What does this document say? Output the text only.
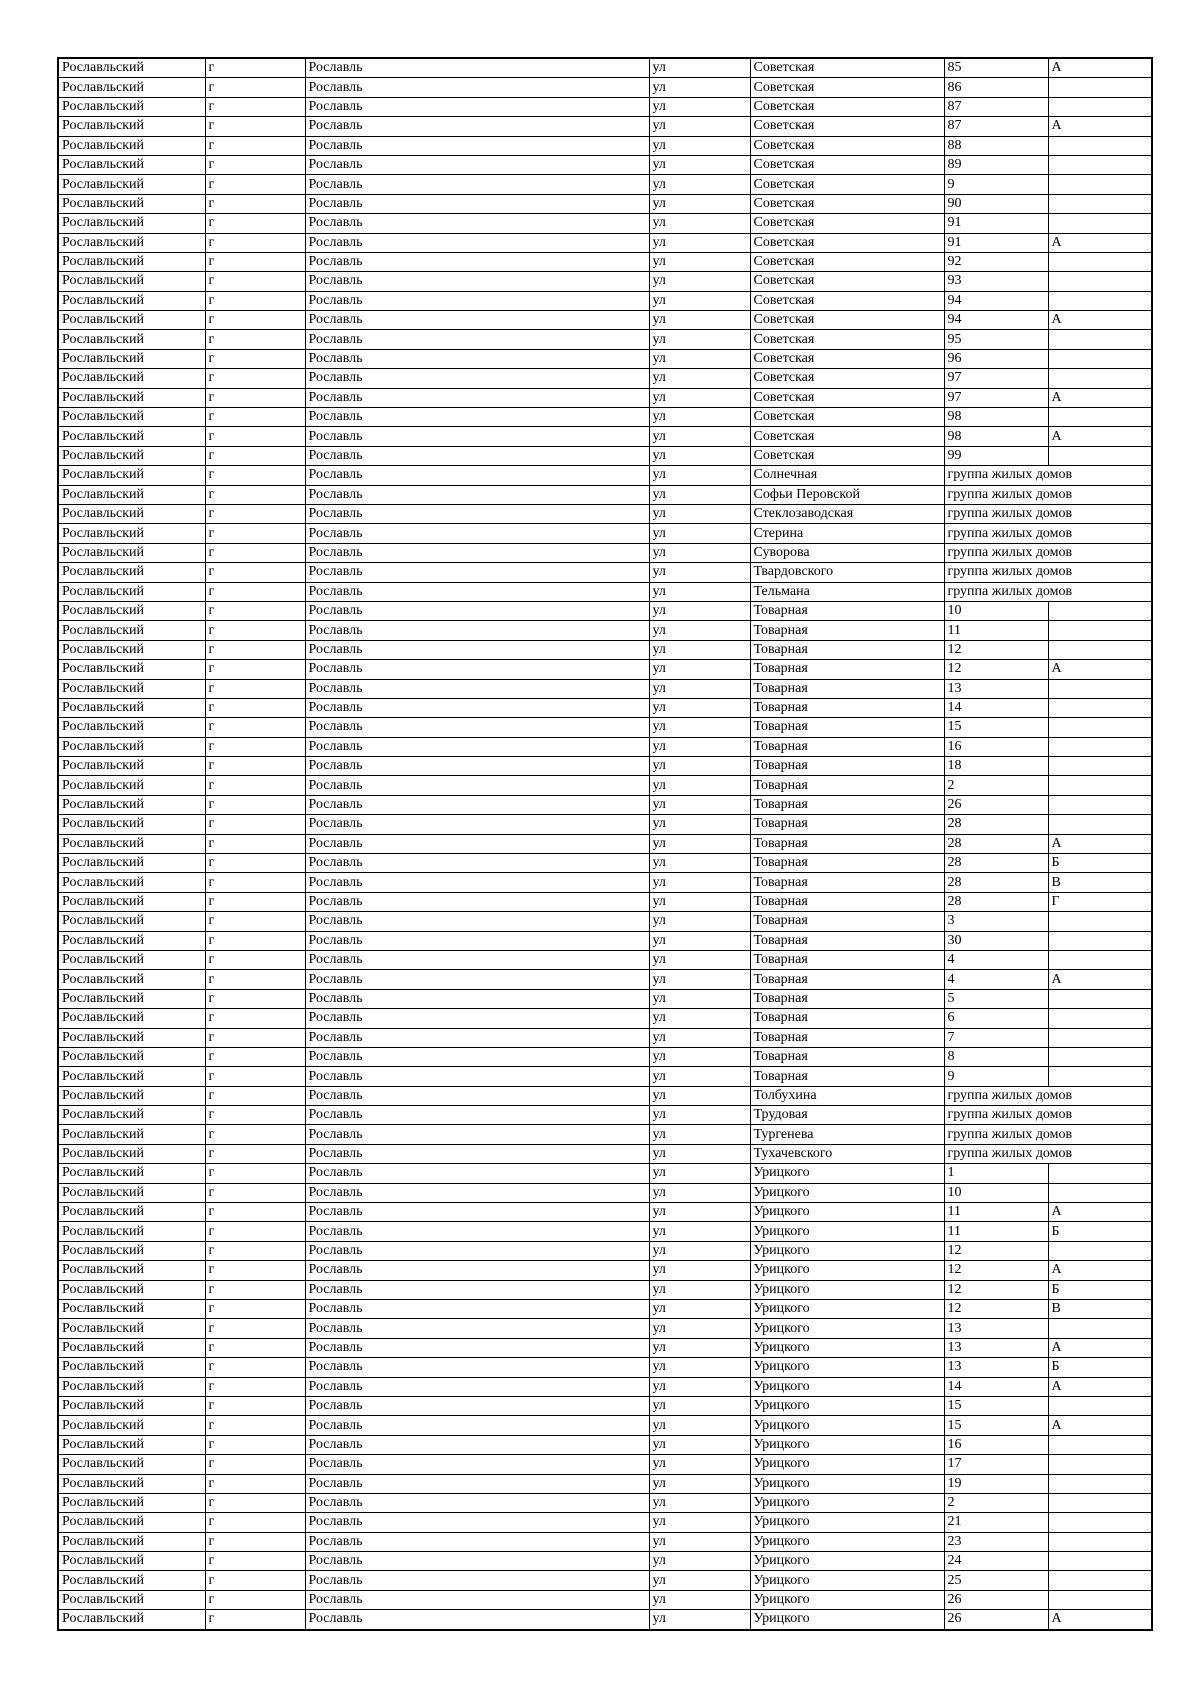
Рославльский	г	Рославль	ул	Советская	85	А
Рославльский	г	Рославль	ул	Советская	86	
Рославльский	г	Рославль	ул	Советская	87	
Рославльский	г	Рославль	ул	Советская	87	А
Рославльский	г	Рославль	ул	Советская	88	
Рославльский	г	Рославль	ул	Советская	89	
Рославльский	г	Рославль	ул	Советская	9	
Рославльский	г	Рославль	ул	Советская	90	
Рославльский	г	Рославль	ул	Советская	91	
Рославльский	г	Рославль	ул	Советская	91	А
Рославльский	г	Рославль	ул	Советская	92	
Рославльский	г	Рославль	ул	Советская	93	
Рославльский	г	Рославль	ул	Советская	94	
Рославльский	г	Рославль	ул	Советская	94	А
Рославльский	г	Рославль	ул	Советская	95	
Рославльский	г	Рославль	ул	Советская	96	
Рославльский	г	Рославль	ул	Советская	97	
Рославльский	г	Рославль	ул	Советская	97	А
Рославльский	г	Рославль	ул	Советская	98	
Рославльский	г	Рославль	ул	Советская	98	А
Рославльский	г	Рославль	ул	Советская	99	
Рославльский	г	Рославль	ул	Солнечная	группа жилых домов	
Рославльский	г	Рославль	ул	Софьи Перовской	группа жилых домов	
Рославльский	г	Рославль	ул	Стеклозаводская	группа жилых домов	
Рославльский	г	Рославль	ул	Стерина	группа жилых домов	
Рославльский	г	Рославль	ул	Суворова	группа жилых домов	
Рославльский	г	Рославль	ул	Твардовского	группа жилых домов	
Рославльский	г	Рославль	ул	Тельмана	группа жилых домов	
Рославльский	г	Рославль	ул	Товарная	10	
Рославльский	г	Рославль	ул	Товарная	11	
Рославльский	г	Рославль	ул	Товарная	12	
Рославльский	г	Рославль	ул	Товарная	12	А
Рославльский	г	Рославль	ул	Товарная	13	
Рославльский	г	Рославль	ул	Товарная	14	
Рославльский	г	Рославль	ул	Товарная	15	
Рославльский	г	Рославль	ул	Товарная	16	
Рославльский	г	Рославль	ул	Товарная	18	
Рославльский	г	Рославль	ул	Товарная	2	
Рославльский	г	Рославль	ул	Товарная	26	
Рославльский	г	Рославль	ул	Товарная	28	
Рославльский	г	Рославль	ул	Товарная	28	А
Рославльский	г	Рославль	ул	Товарная	28	Б
Рославльский	г	Рославль	ул	Товарная	28	В
Рославльский	г	Рославль	ул	Товарная	28	Г
Рославльский	г	Рославль	ул	Товарная	3	
Рославльский	г	Рославль	ул	Товарная	30	
Рославльский	г	Рославль	ул	Товарная	4	
Рославльский	г	Рославль	ул	Товарная	4	А
Рославльский	г	Рославль	ул	Товарная	5	
Рославльский	г	Рославль	ул	Товарная	6	
Рославльский	г	Рославль	ул	Товарная	7	
Рославльский	г	Рославль	ул	Товарная	8	
Рославльский	г	Рославль	ул	Товарная	9	
Рославльский	г	Рославль	ул	Толбухина	группа жилых домов	
Рославльский	г	Рославль	ул	Трудовая	группа жилых домов	
Рославльский	г	Рославль	ул	Тургенева	группа жилых домов	
Рославльский	г	Рославль	ул	Тухачевского	группа жилых домов	
Рославльский	г	Рославль	ул	Урицкого	1	
Рославльский	г	Рославль	ул	Урицкого	10	
Рославльский	г	Рославль	ул	Урицкого	11	А
Рославльский	г	Рославль	ул	Урицкого	11	Б
Рославльский	г	Рославль	ул	Урицкого	12	
Рославльский	г	Рославль	ул	Урицкого	12	А
Рославльский	г	Рославль	ул	Урицкого	12	Б
Рославльский	г	Рославль	ул	Урицкого	12	В
Рославльский	г	Рославль	ул	Урицкого	13	
Рославльский	г	Рославль	ул	Урицкого	13	А
Рославльский	г	Рославль	ул	Урицкого	13	Б
Рославльский	г	Рославль	ул	Урицкого	14	А
Рославльский	г	Рославль	ул	Урицкого	15	
Рославльский	г	Рославль	ул	Урицкого	15	А
Рославльский	г	Рославль	ул	Урицкого	16	
Рославльский	г	Рославль	ул	Урицкого	17	
Рославльский	г	Рославль	ул	Урицкого	19	
Рославльский	г	Рославль	ул	Урицкого	2	
Рославльский	г	Рославль	ул	Урицкого	21	
Рославльский	г	Рославль	ул	Урицкого	23	
Рославльский	г	Рославль	ул	Урицкого	24	
Рославльский	г	Рославль	ул	Урицкого	25	
Рославльский	г	Рославль	ул	Урицкого	26	
Рославльский	г	Рославль	ул	Урицкого	26	А
